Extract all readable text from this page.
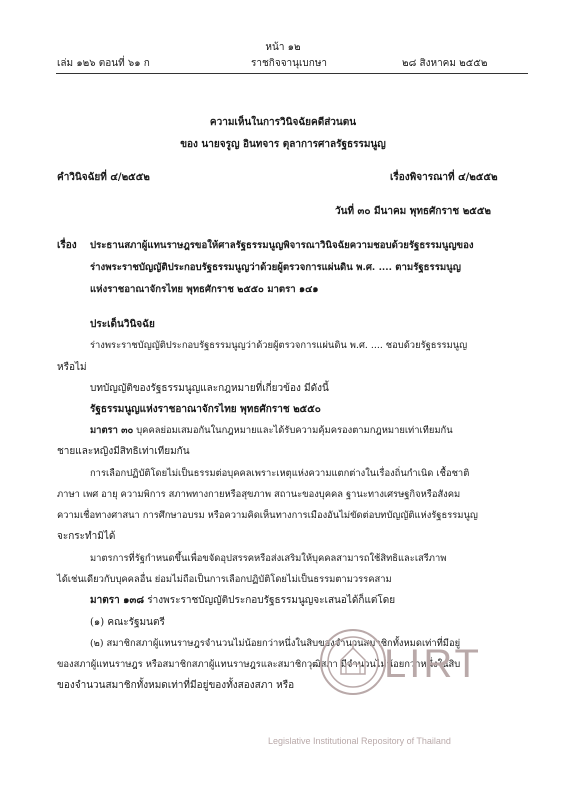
หน้า ๑๒
เล่ม ๑๒๖ ตอนที่ ๖๑ ก	ราชกิจจานุเบกษา	๒๘ สิงหาคม ๒๕๕๒
ความเห็นในการวินิจฉัยคดีส่วนตน
ของ นายจรูญ อินทจาร ตุลาการศาลรัฐธรรมนูญ
คำวินิจฉัยที่ ๔/๒๕๕๒	เรื่องพิจารณาที่ ๔/๒๕๕๒
วันที่ ๓๐ มีนาคม พุทธศักราช ๒๕๕๒
เรื่อง ประธานสภาผู้แทนราษฎรขอให้ศาลรัฐธรรมนูญพิจารณาวินิจฉัยความชอบด้วยรัฐธรรมนูญของ
ร่างพระราชบัญญัติประกอบรัฐธรรมนูญว่าด้วยผู้ตรวจการแผ่นดิน พ.ศ. .... ตามรัฐธรรมนูญ
แห่งราชอาณาจักรไทย พุทธศักราช ๒๕๕๐ มาตรา ๑๔๑
ประเด็นวินิจฉัย
ร่างพระราชบัญญัติประกอบรัฐธรรมนูญว่าด้วยผู้ตรวจการแผ่นดิน พ.ศ. .... ชอบด้วยรัฐธรรมนูญ
หรือไม่
บทบัญญัติของรัฐธรรมนูญและกฎหมายที่เกี่ยวข้อง มีดังนี้
รัฐธรรมนูญแห่งราชอาณาจักรไทย พุทธศักราช ๒๕๕๐
มาตรา ๓๐ บุคคลย่อมเสมอกันในกฎหมายและได้รับความคุ้มครองตามกฎหมายเท่าเทียมกัน
ชายและหญิงมีสิทธิเท่าเทียมกัน
การเลือกปฏิบัติโดยไม่เป็นธรรมต่อบุคคลเพราะเหตุแห่งความแตกต่างในเรื่องถิ่นกำเนิด เชื้อชาติ
ภาษา เพศ อายุ ความพิการ สภาพทางกายหรือสุขภาพ สถานะของบุคคล ฐานะทางเศรษฐกิจหรือสังคม
ความเชื่อทางศาสนา การศึกษาอบรม หรือความคิดเห็นทางการเมืองอันไม่ขัดต่อบทบัญญัติแห่งรัฐธรรมนูญ
จะกระทำมิได้
มาตรการที่รัฐกำหนดขึ้นเพื่อขจัดอุปสรรคหรือส่งเสริมให้บุคคลสามารถใช้สิทธิและเสรีภาพ
ได้เช่นเดียวกับบุคคลอื่น ย่อมไม่ถือเป็นการเลือกปฏิบัติโดยไม่เป็นธรรมตามวรรคสาม
มาตรา ๑๓๘ ร่างพระราชบัญญัติประกอบรัฐธรรมนูญจะเสนอได้ก็แต่โดย
(๑) คณะรัฐมนตรี
(๒) สมาชิกสภาผู้แทนราษฎรจำนวนไม่น้อยกว่าหนึ่งในสิบของจำนวนสมาชิกทั้งหมดเท่าที่มีอยู่
ของสภาผู้แทนราษฎร หรือสมาชิกสภาผู้แทนราษฎรและสมาชิกวุฒิสภา มีจำนวนไม่น้อยกว่าหนึ่งในสิบ
ของจำนวนสมาชิกทั้งหมดเท่าที่มีอยู่ของทั้งสองสภา หรือ LIRT
Legislative Institutional Repository of Thailand
